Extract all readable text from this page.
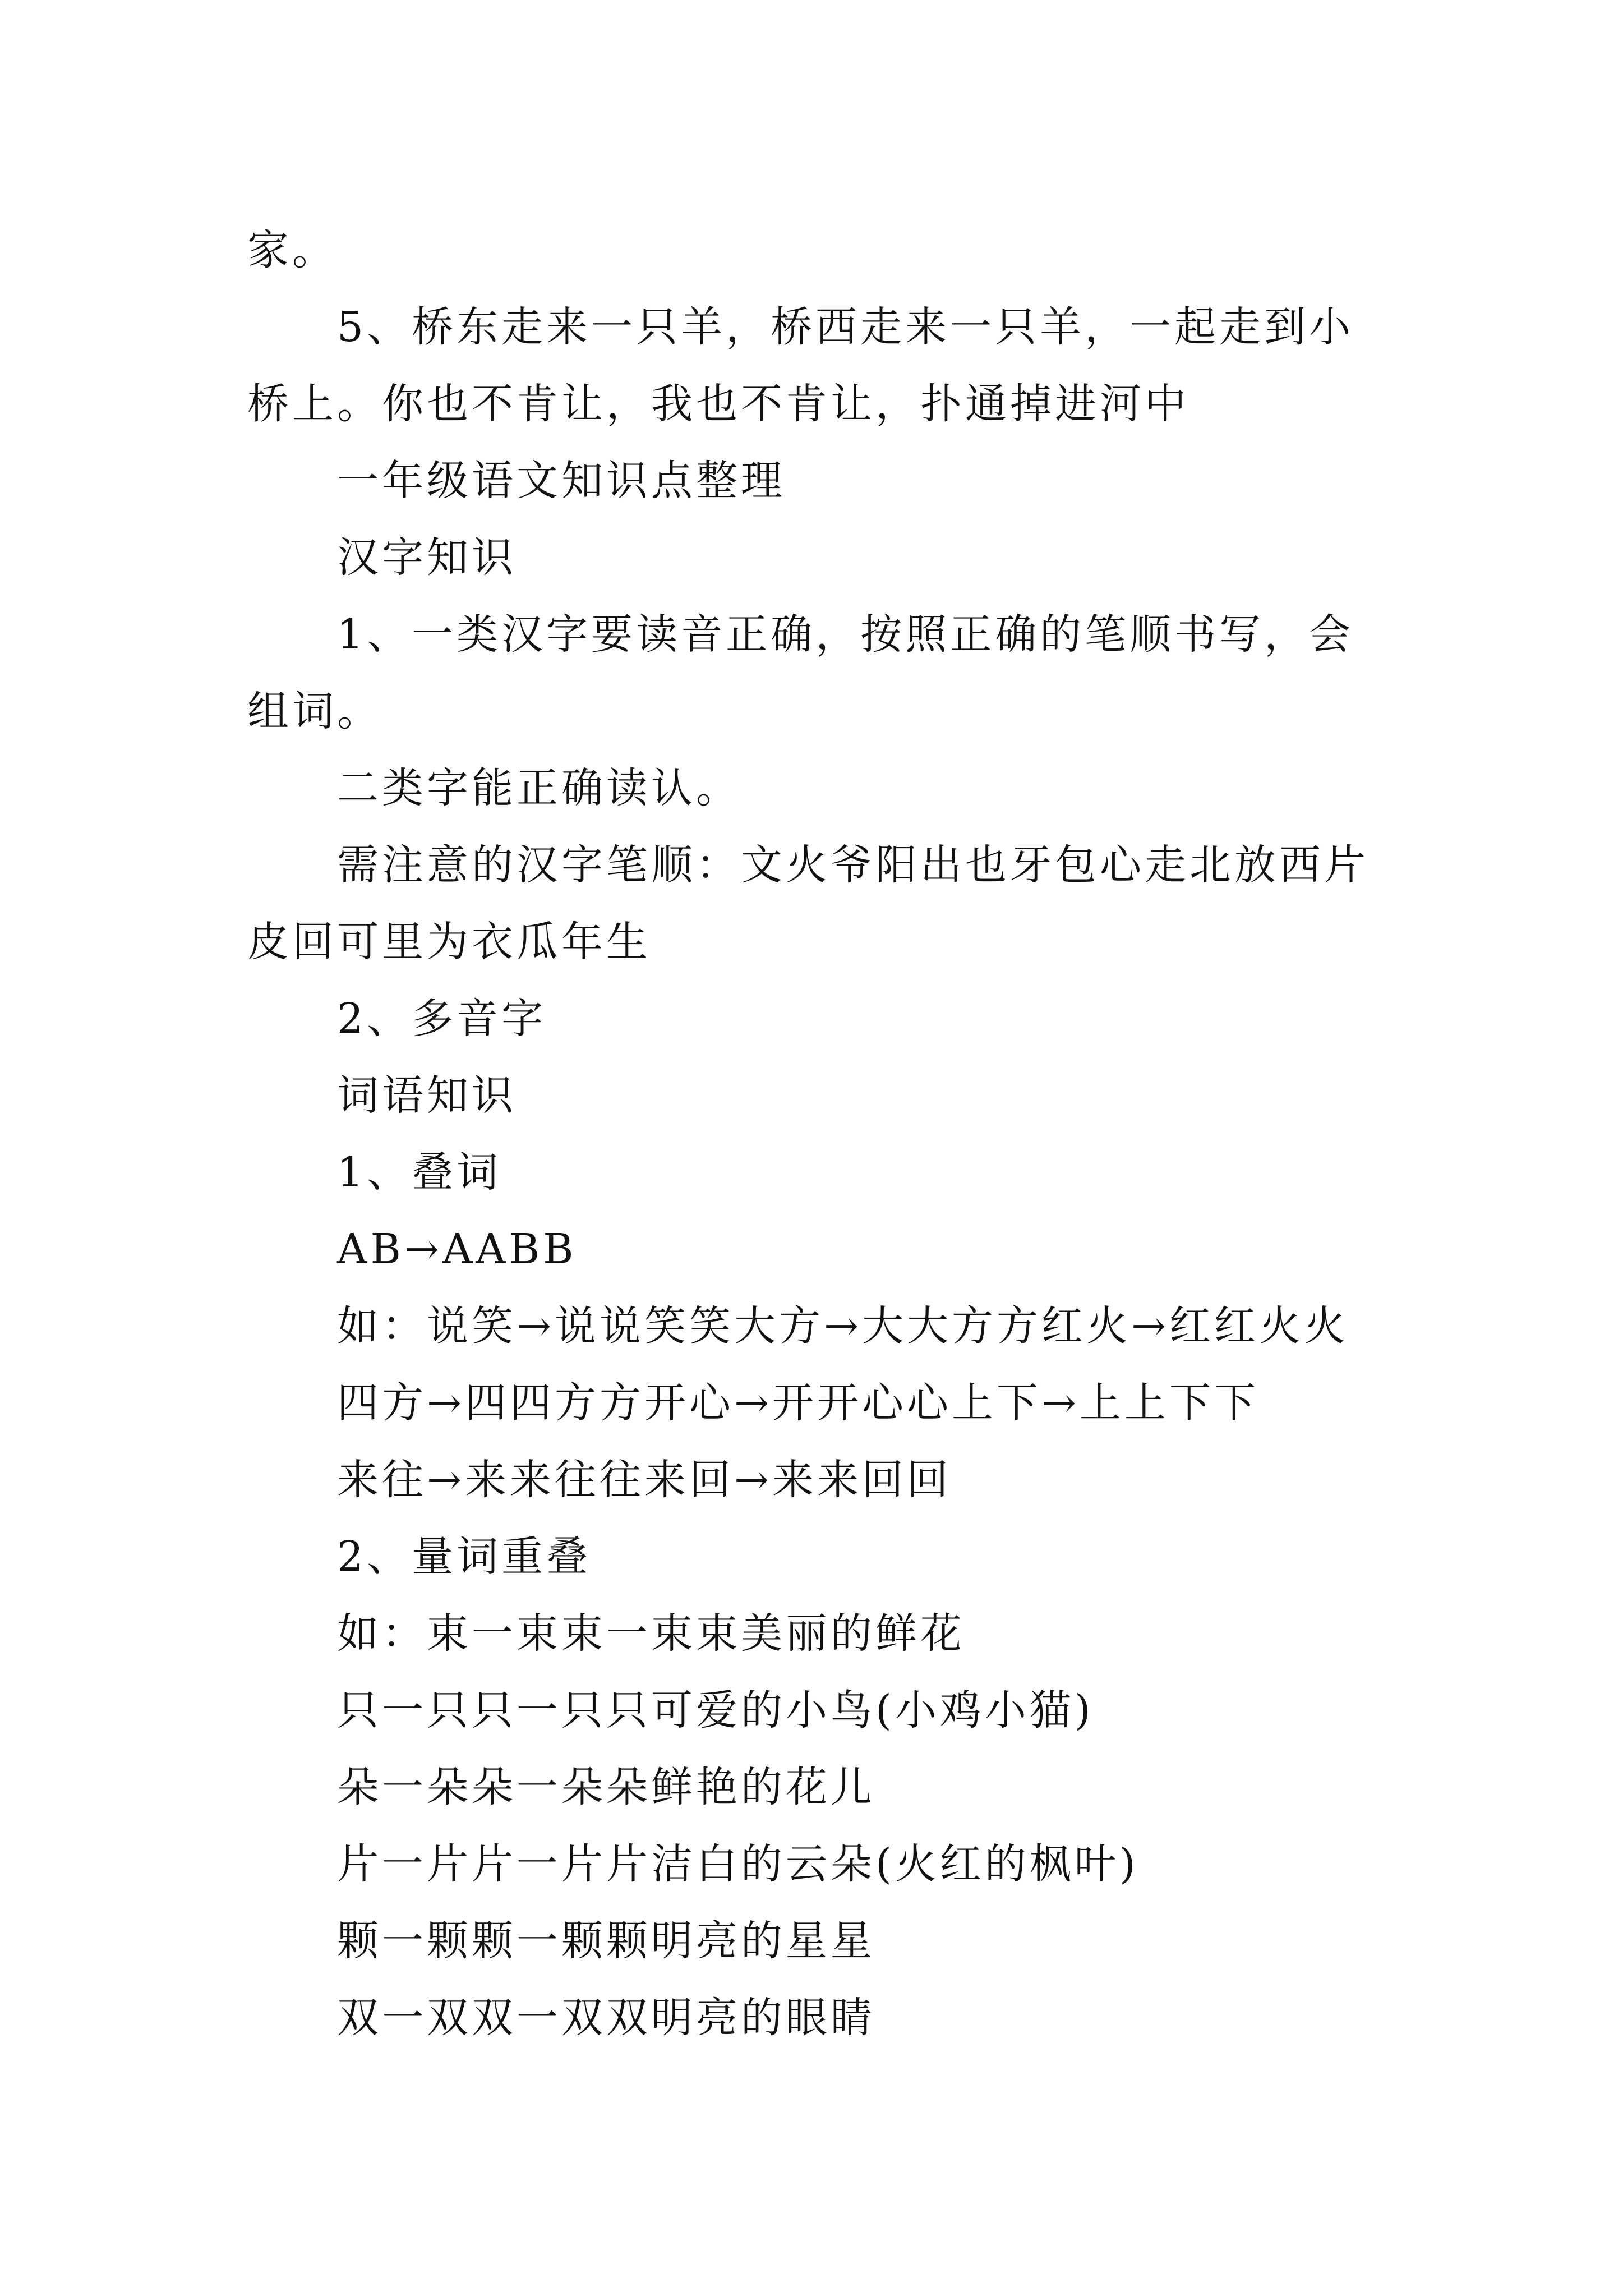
家。
5、桥东走来一只羊，桥西走来一只羊，一起走到小桥上。你也不肯让，我也不肯让，扑通掉进河中
一年级语文知识点整理
汉字知识
1、一类汉字要读音正确，按照正确的笔顺书写，会组词。
二类字能正确读认。
需注意的汉字笔顺：文火爷阳出也牙包心走北放西片皮回可里为衣瓜年生
2、多音字
词语知识
1、叠词
AB→AABB
如：说笑→说说笑笑大方→大大方方红火→红红火火
四方→四四方方开心→开开心心上下→上上下下
来往→来来往往来回→来来回回
2、量词重叠
如：束一束束一束束美丽的鲜花
只一只只一只只可爱的小鸟(小鸡小猫)
朵一朵朵一朵朵鲜艳的花儿
片一片片一片片洁白的云朵(火红的枫叶)
颗一颗颗一颗颗明亮的星星
双一双双一双双明亮的眼睛
